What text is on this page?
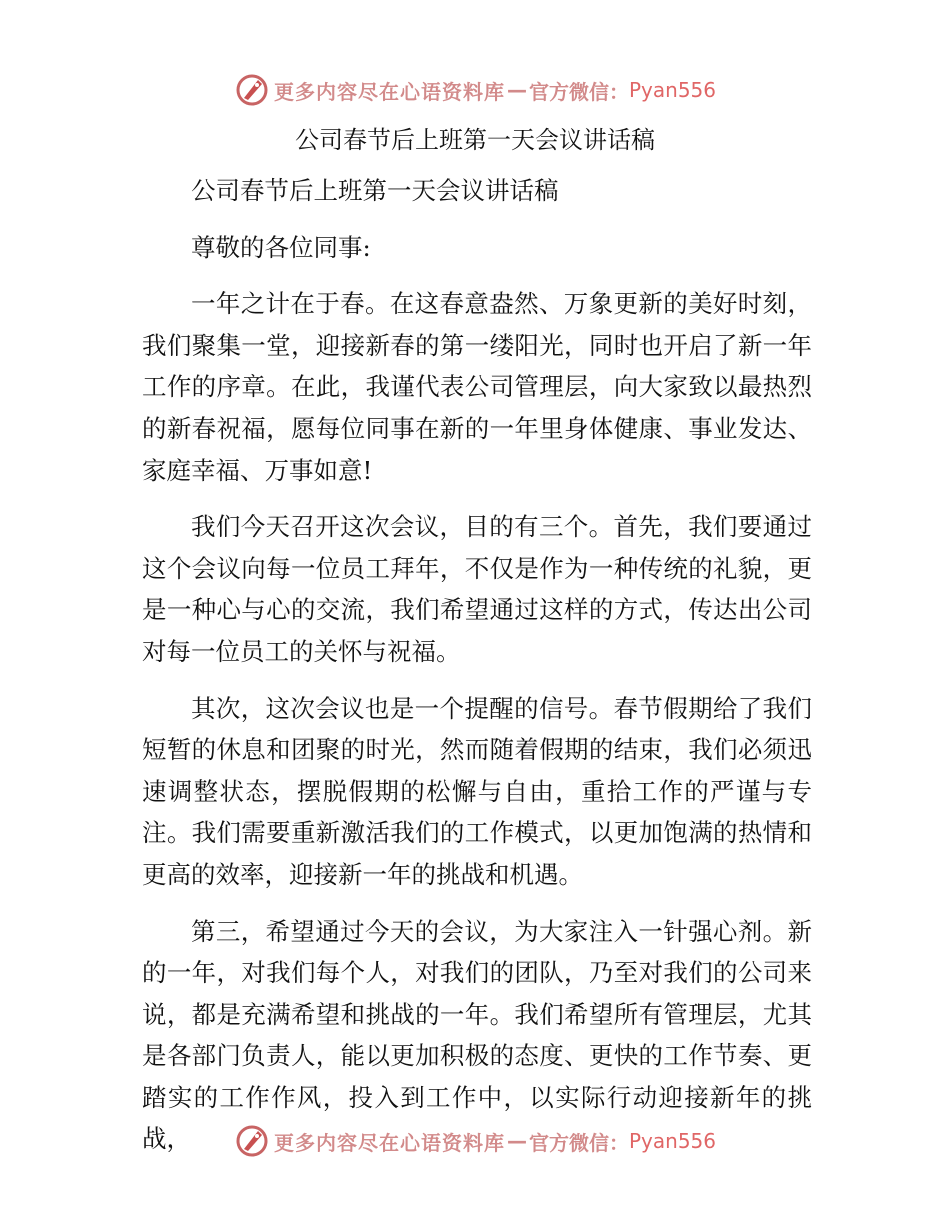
更多内容尽在心语资料库 — 官方微信： Pyan556
公司春节后上班第一天会议讲话稿

公司春节后上班第一天会议讲话稿

尊敬的各位同事:

一年之计在于春。在这春意盎然、万象更新的美好时刻，我们聚集一堂，迎接新春的第一缕阳光，同时也开启了新一年工作的序章。在此，我谨代表公司管理层，向大家致以最热烈的新春祝福，愿每位同事在新的一年里身体健康、事业发达、家庭幸福、万事如意!

我们今天召开这次会议，目的有三个。首先，我们要通过这个会议向每一位员工拜年，不仅是作为一种传统的礼貌，更是一种心与心的交流，我们希望通过这样的方式，传达出公司对每一位员工的关怀与祝福。

其次，这次会议也是一个提醒的信号。春节假期给了我们短暂的休息和团聚的时光，然而随着假期的结束，我们必须迅速调整状态，摆脱假期的松懈与自由，重拾工作的严谨与专注。我们需要重新激活我们的工作模式，以更加饱满的热情和更高的效率，迎接新一年的挑战和机遇。

第三，希望通过今天的会议，为大家注入一针强心剂。新的一年，对我们每个人，对我们的团队，乃至对我们的公司来说，都是充满希望和挑战的一年。我们希望所有管理层，尤其是各部门负责人，能以更加积极的态度、更快的工作节奏、更踏实的工作作风，投入到工作中，以实际行动迎接新年的挑战，	更多内容尽在心语资料库 — 官方微信： Pyan556
